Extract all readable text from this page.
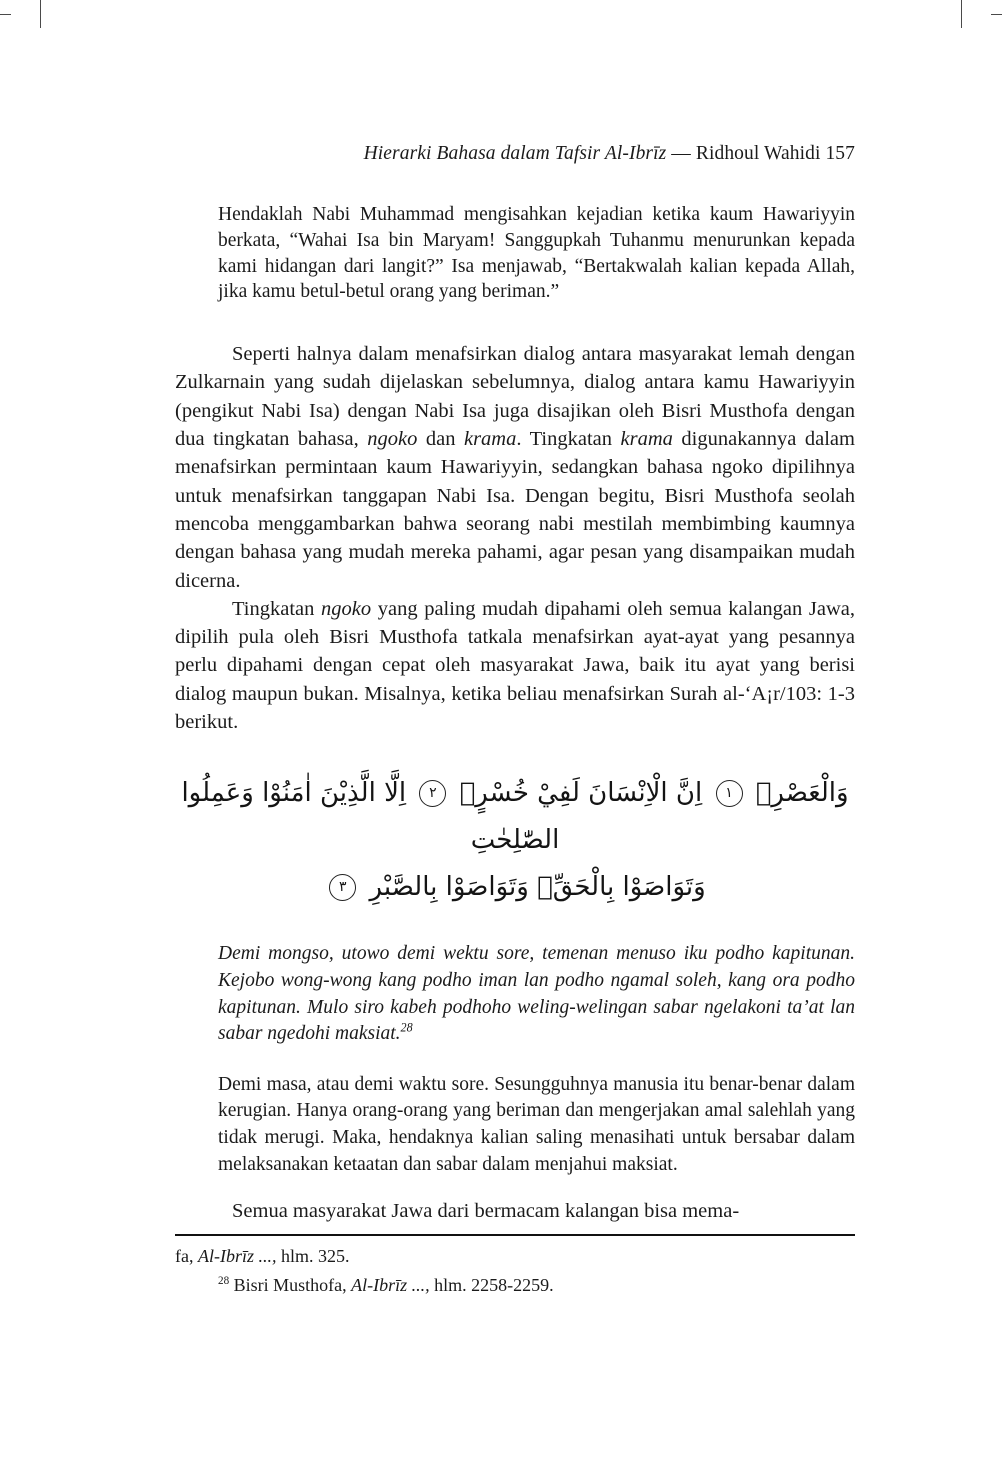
Hierarki Bahasa dalam Tafsir Al-Ibrīz — Ridhoul Wahidi 157
Hendaklah Nabi Muhammad mengisahkan kejadian ketika kaum Hawariyyin berkata, “Wahai Isa bin Maryam! Sanggupkah Tuhanmu menurunkan kepada kami hidangan dari langit?” Isa menjawab, “Bertakwalah kalian kepada Allah, jika kamu betul-betul orang yang beriman.”

Seperti halnya dalam menafsirkan dialog antara masyarakat lemah dengan Zulkarnain yang sudah dijelaskan sebelumnya, dialog antara kamu Hawariyyin (pengikut Nabi Isa) dengan Nabi Isa juga disajikan oleh Bisri Musthofa dengan dua tingkatan bahasa, ngoko dan krama. Tingkatan krama digunakannya dalam menafsirkan permintaan kaum Hawariyyin, sedangkan bahasa ngoko dipilihnya untuk menafsirkan tanggapan Nabi Isa. Dengan begitu, Bisri Musthofa seolah mencoba menggambarkan bahwa seorang nabi mestilah membimbing kaumnya dengan bahasa yang mudah mereka pahami, agar pesan yang disampaikan mudah dicerna.

Tingkatan ngoko yang paling mudah dipahami oleh semua kalangan Jawa, dipilih pula oleh Bisri Musthofa tatkala menafsirkan ayat-ayat yang pesannya perlu dipahami dengan cepat oleh masyarakat Jawa, baik itu ayat yang berisi dialog maupun bukan. Misalnya, ketika beliau menafsirkan Surah al-‘A¡r/103: 1-3 berikut.

وَالْعَصْرِۙ ١ اِنَّ الْاِنْسَانَ لَفِيْ خُسْرٍۙ ٢ اِلَّا الَّذِيْنَ اٰمَنُوْا وَعَمِلُوا الصّٰلِحٰتِ
وَتَوَاصَوْا بِالْحَقِّۙ وَتَوَاصَوْا بِالصَّبْرِ ٣
Demi mongso, utowo demi wektu sore, temenan menuso iku podho kapitunan. Kejobo wong-wong kang podho iman lan podho ngamal soleh, kang ora podho kapitunan. Mulo siro kabeh podhoho weling-welingan sabar ngelakoni ta’at lan sabar ngedohi maksiat.$^{28}$
Demi masa, atau demi waktu sore. Sesungguhnya manusia itu benar-benar dalam kerugian. Hanya orang-orang yang beriman dan mengerjakan amal salehlah yang tidak merugi. Maka, hendaknya kalian saling menasihati untuk bersabar dalam melaksanakan ketaatan dan sabar dalam menjahui maksiat.

Semua masyarakat Jawa dari bermacam kalangan bisa mema-

fa, Al-Ibrīz ..., hlm. 325.

$^{28}$ Bisri Musthofa, Al-Ibrīz ..., hlm. 2258-2259.
